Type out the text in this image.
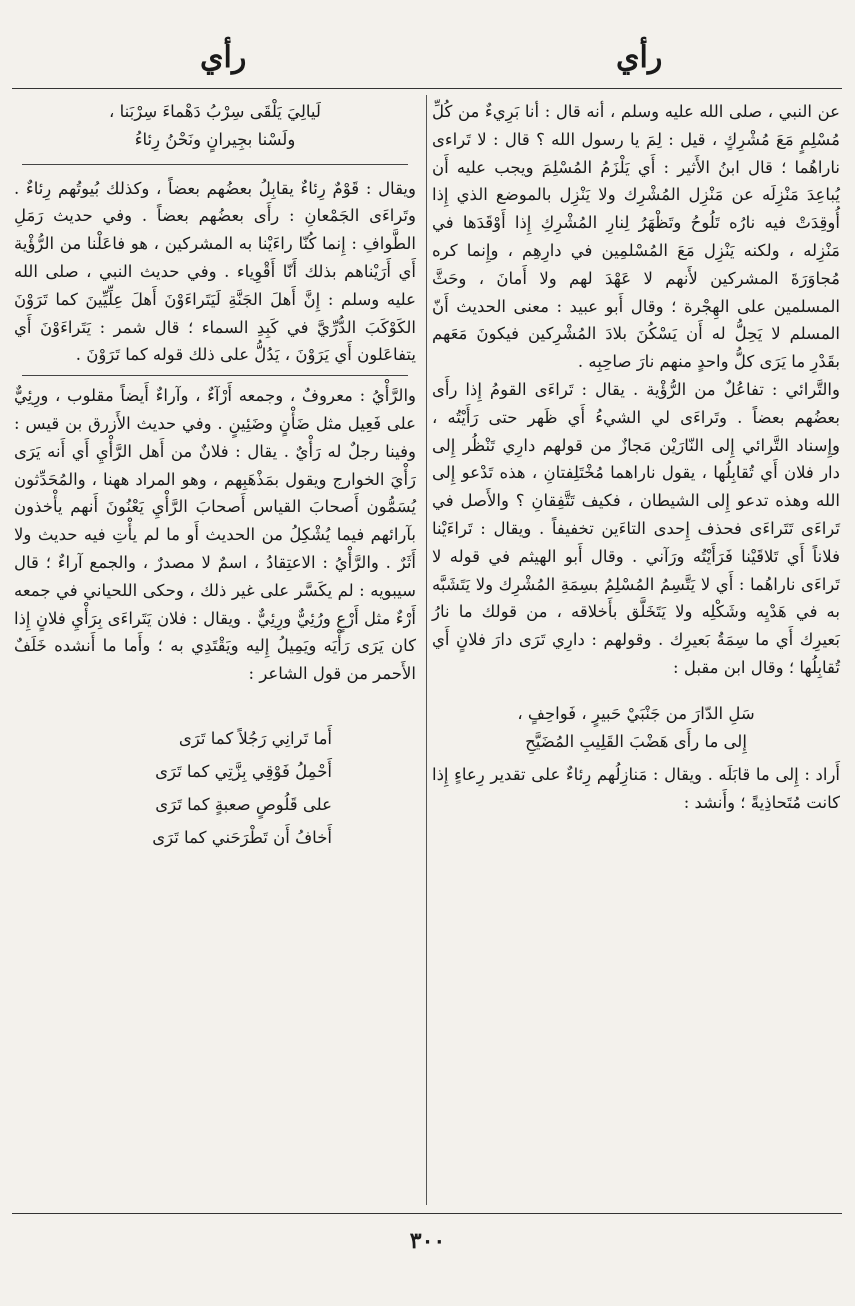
رأي
رأي

عن النبي ، صلى الله عليه وسلم ، أنه قال : أنا بَرِيءٌ من كُلِّ مُسْلِمٍ مَعَ مُشْرِكٍ ، قيل : لِمَ يا رسول الله ؟ قال : لا تَراءى ناراهُما ؛ قال ابنُ الأَثير : أَي يَلْزَمُ المُسْلِمَ ويجب عليه أَن يُباعِدَ مَنْزِلَه عن مَنْزِل المُشْرِك ولا يَنْزِل بالموضع الذي إِذا أُوقِدَتْ فيه نارُه تَلُوحُ وتَظْهَرُ لِنارِ المُشْرِكِ إِذا أَوْقَدَها في مَنْزِله ، ولكنه يَنْزِل مَعَ المُسْلمِين في دارِهِم ، وإِنما كره مُجاوَرَةَ المشركين لأَنهم لا عَهْدَ لهم ولا أَمانَ ، وحَثَّ المسلمين على الهِجْرة ؛ وقال أَبو عبيد : معنى الحديث أَنّ المسلم لا يَحِلُّ له أَن يَسْكُنَ بلادَ المُشْرِكين فيكونَ مَعَهم بقَدْرِ ما يَرَى كلُّ واحدٍ منهم نارَ صاحِبِه .

والتَّرائي : تفاعُلٌ من الرُّؤْية . يقال : تَراءَى القومُ إِذا رأَى بعضُهم بعضاً . وتَراءَى لي الشيءُ أَي ظَهر حتى رَأَيْتُه ، وإِسناد التَّرائي إِلى النّارَيْن مَجازٌ من قولهم دارِي تَنْظُر إِلى دار فلان أَي تُقابِلُها ، يقول ناراهما مُخْتَلِفتانِ ، هذه تَدْعو إِلى الله وهذه تدعو إِلى الشيطان ، فكيف تَتَّفِقانِ ؟ والأَصل في تَراءَى تَتَراءَى فحذف إِحدى التاءَين تخفيفاً . ويقال : تَراءَيْنا فلاناً أَي تَلاقَيْنا فَرَأَيْتُه ورَآني . وقال أَبو الهيثم في قوله لا تَراءَى ناراهُما : أَي لا يَتَّسِمُ المُسْلِمُ بسِمَةِ المُشْرِك ولا يَتَشَبَّه به في هَدْيِه وشَكْلِه ولا يَتَخَلَّق بأَخلاقه ، من قولك ما نارُ بَعيرِك أَي ما سِمَةُ بَعيرِك . وقولهم : دارِي تَرَى دارَ فلانٍ أَي تُقابِلُها ؛ وقال ابن مقبل :

سَلِ الدّارَ من جَنْبَيْ حَبيرٍ ، فَواحِفٍ ،
إِلى ما رأَى هَضْبَ القَلِيبِ المُضَيَّحِ

أَراد : إِلى ما قابَلَه . ويقال : مَنازِلُهم رِئاءٌ على تقدير رِعاءٍ إِذا كانت مُتَحاذِيةً ؛ وأَنشد :

لَيالِيَ يَلْقَى سِرْبُ دَهْماءَ سِرْبَنا ،
ولَسْنا بجِيرانٍ ونَحْنُ رِئاءُ

ويقال : قَوْمٌ رِئاءٌ يقابِلُ بعضُهم بعضاً ، وكذلك بُيوتُهم رِئاءٌ . وتَراءَى الجَمْعانِ : رأَى بعضُهم بعضاً . وفي حديث رَمَلِ الطَّوافِ : إِنما كُنّا راءَيْنا به المشركين ، هو فاعَلْنا من الرُّؤْية أَي أَرَيْناهم بذلك أَنّا أَقْوِياء . وفي حديث النبي ، صلى الله عليه وسلم : إِنَّ أَهلَ الجَنَّةِ لَيَتَراءَوْنَ أَهلَ عِلِّيِّينَ كما تَرَوْنَ الكَوْكَبَ الدُّرِّيَّ في كَبِدِ السماء ؛ قال شمر : يَتَراءَوْنَ أَي يتفاعَلون أَي يَرَوْنَ ، يَدُلُّ على ذلك قوله كما تَرَوْنَ .

والرَّأْيُ : معروفٌ ، وجمعه أَرْآءٌ ، وآراءٌ أَيضاً مقلوب ، ورِئِيٌّ على فَعِيل مثل ضَأْنٍ وضَئِينٍ . وفي حديث الأَزرق بن قيس : وفينا رجلٌ له رَأْيٌ . يقال : فلانٌ من أَهل الرَّأْيِ أَي أَنه يَرَى رَأْيَ الخوارج ويقول بمَذْهَبِهم ، وهو المراد ههنا ، والمُحَدِّثون يُسَمُّون أَصحابَ القياس أَصحابَ الرَّأْيِ يَعْنُونَ أَنهم يأْخذون بآرائهم فيما يُشْكِلُ من الحديث أَو ما لم يأْتِ فيه حديث ولا أَثَرٌ . والرَّأْيُ : الاعتِقادُ ، اسمٌ لا مصدرٌ ، والجمع آراءٌ ؛ قال سيبويه : لم يكَسَّر على غير ذلك ، وحكى اللحياني في جمعه أَرْءٌ مثل أَرْعٍ ورُئِيٌّ ورِئِيٌّ . ويقال : فلان يَتَراءَى بِرَأْيِ فلانٍ إِذا كان يَرَى رَأْيَه ويَمِيلُ إِليه ويَقْتَدِي به ؛ وأَما ما أَنشده خَلَفٌ الأَحمر من قول الشاعر :

أَما تَرانِي رَجُلاً كما تَرَى
أَحْمِلُ فَوْقِي بِزَّتِي كما تَرَى
على قَلُوصٍ صعبةٍ كما تَرَى
أَخافُ أَن تَطْرَحَني كما تَرَى

٣٠٠
